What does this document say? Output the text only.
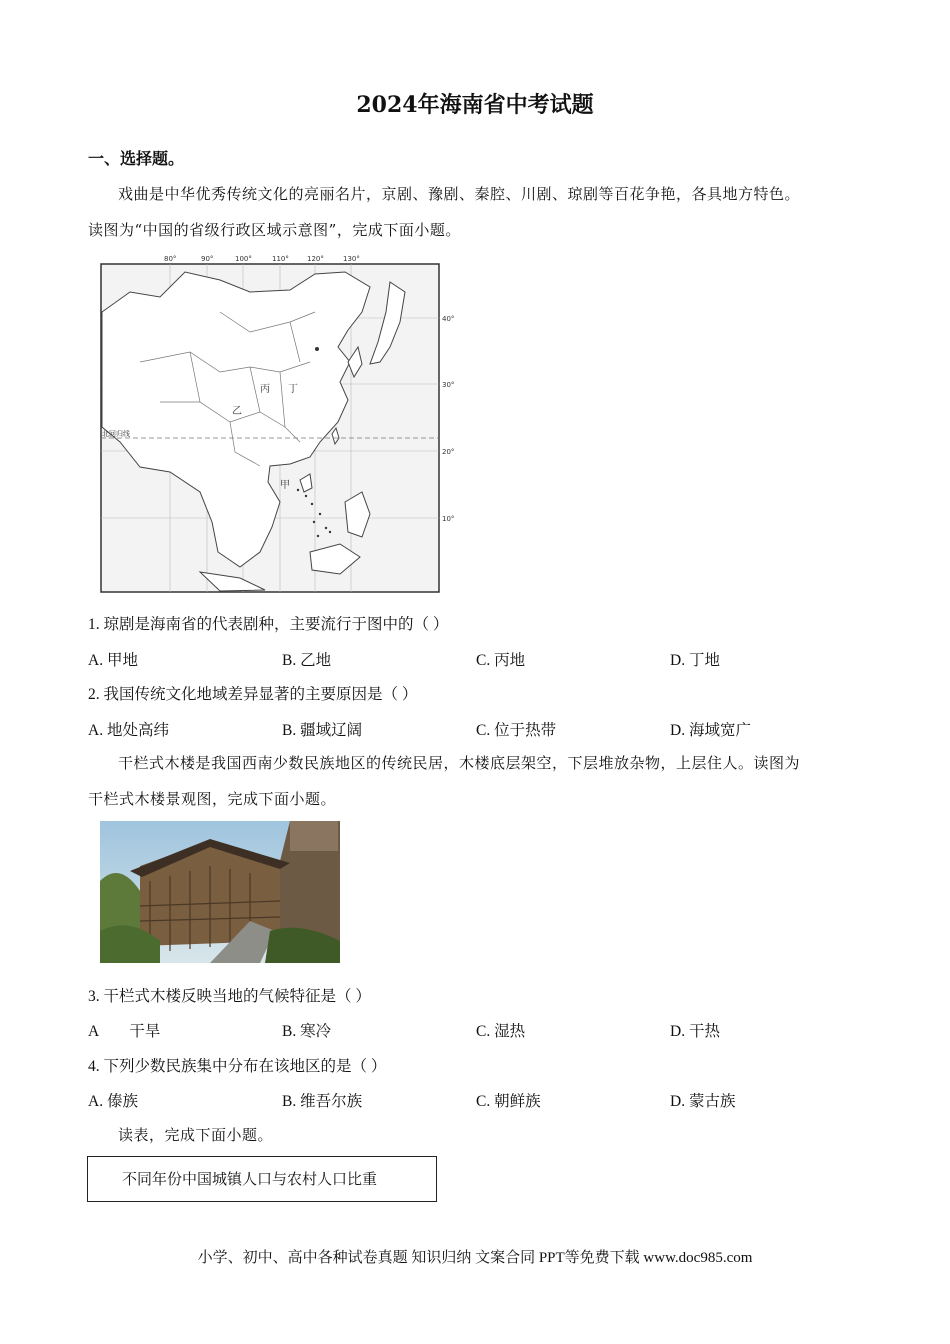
2024年海南省中考试题
一、选择题。
戏曲是中华优秀传统文化的亮丽名片，京剧、豫剧、秦腔、川剧、琼剧等百花争艳，各具地方特色。
读图为“中国的省级行政区域示意图”，完成下面小题。
80°	90°	100°	110°	120°	130°
40°
30°
20°
10°
北回归线
乙
丙 丁
甲
1. 琼剧是海南省的代表剧种，主要流行于图中的（ ）
A. 甲地	B. 乙地	C. 丙地	D. 丁地
2. 我国传统文化地域差异显著的主要原因是（ ）
A. 地处高纬	B. 疆域辽阔	C. 位于热带	D. 海域宽广
干栏式木楼是我国西南少数民族地区的传统民居，木楼底层架空，下层堆放杂物，上层住人。读图为
干栏式木楼景观图，完成下面小题。
3. 干栏式木楼反映当地的气候特征是（ ）
A        干旱	B. 寒冷	C. 湿热	D. 干热
4. 下列少数民族集中分布在该地区的是（ ）
A. 傣族	B. 维吾尔族	C. 朝鲜族	D. 蒙古族
读表，完成下面小题。
不同年份中国城镇人口与农村人口比重
小学、初中、高中各种试卷真题 知识归纳 文案合同 PPT等免费下载 www.doc985.com
